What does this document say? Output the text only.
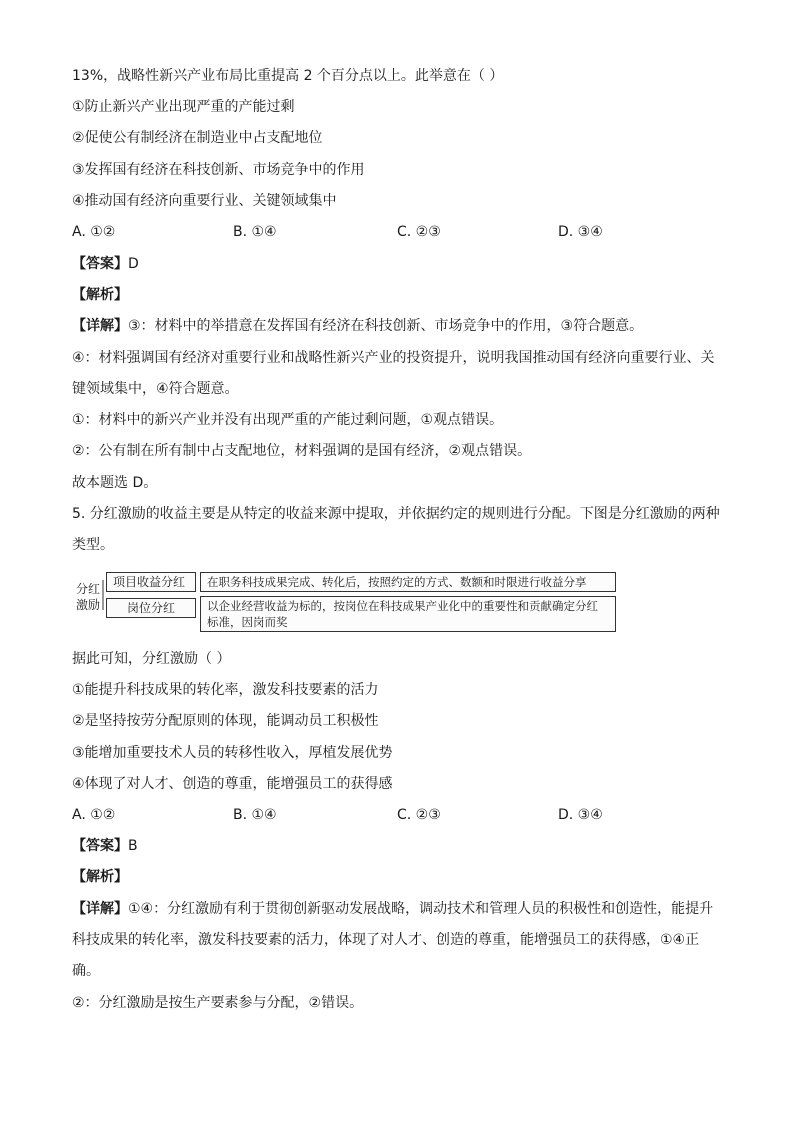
13%，战略性新兴产业布局比重提高 2 个百分点以上。此举意在（ ）
①防止新兴产业出现严重的产能过剩
②促使公有制经济在制造业中占支配地位
③发挥国有经济在科技创新、市场竞争中的作用
④推动国有经济向重要行业、关键领域集中
A. ①②	B. ①④	C. ②③	D. ③④
【答案】D
【解析】
【详解】③：材料中的举措意在发挥国有经济在科技创新、市场竞争中的作用，③符合题意。
④：材料强调国有经济对重要行业和战略性新兴产业的投资提升，说明我国推动国有经济向重要行业、关
键领域集中，④符合题意。
①：材料中的新兴产业并没有出现严重的产能过剩问题，①观点错误。
②：公有制在所有制中占支配地位，材料强调的是国有经济，②观点错误。
故本题选 D。
5. 分红激励的收益主要是从特定的收益来源中提取，并依据约定的规则进行分配。下图是分红激励的两种
类型。
分红
激励
项目收益分红	在职务科技成果完成、转化后，按照约定的方式、数额和时限进行收益分享
岗位分红	以企业经营收益为标的，按岗位在科技成果产业化中的重要性和贡献确定分红
标准，因岗而奖
据此可知，分红激励（ ）
①能提升科技成果的转化率，激发科技要素的活力
②是坚持按劳分配原则的体现，能调动员工积极性
③能增加重要技术人员的转移性收入，厚植发展优势
④体现了对人才、创造的尊重，能增强员工的获得感
A. ①②	B. ①④	C. ②③	D. ③④
【答案】B
【解析】
【详解】①④：分红激励有利于贯彻创新驱动发展战略，调动技术和管理人员的积极性和创造性，能提升
科技成果的转化率，激发科技要素的活力，体现了对人才、创造的尊重，能增强员工的获得感，①④正
确。
②：分红激励是按生产要素参与分配，②错误。
